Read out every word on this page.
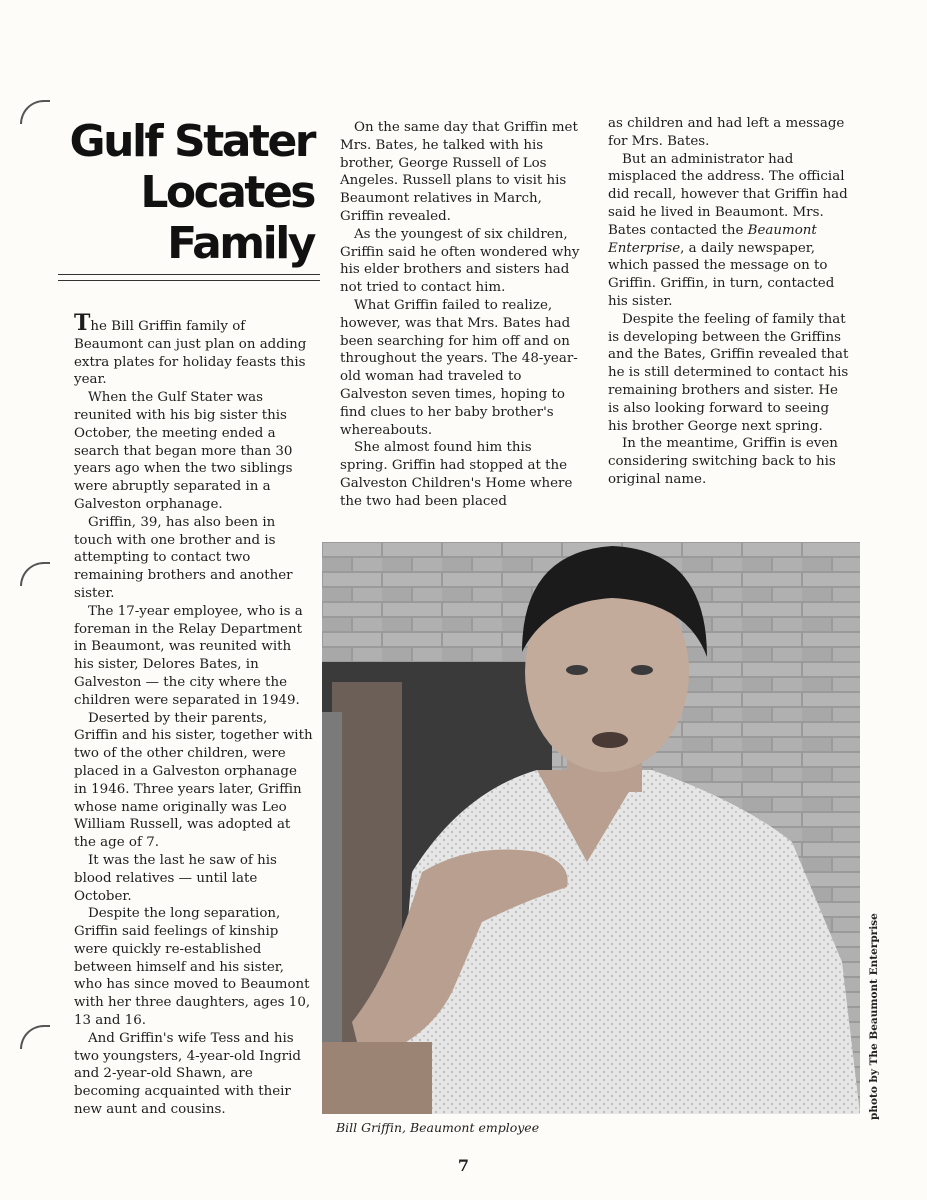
Gulf Stater
Locates
Family

The Bill Griffin family of Beaumont can just plan on adding extra plates for holiday feasts this year.

When the Gulf Stater was reunited with his big sister this October, the meeting ended a search that began more than 30 years ago when the two siblings were abruptly separated in a Galveston orphanage.

Griffin, 39, has also been in touch with one brother and is attempting to contact two remaining brothers and another sister.

The 17-year employee, who is a foreman in the Relay Department in Beaumont, was reunited with his sister, Delores Bates, in Galveston — the city where the children were separated in 1949.

Deserted by their parents, Griffin and his sister, together with two of the other children, were placed in a Galveston orphanage in 1946. Three years later, Griffin whose name originally was Leo William Russell, was adopted at the age of 7.

It was the last he saw of his blood relatives — until late October.

Despite the long separation, Griffin said feelings of kinship were quickly re-established between himself and his sister, who has since moved to Beaumont with her three daughters, ages 10, 13 and 16.

And Griffin's wife Tess and his two youngsters, 4-year-old Ingrid and 2-year-old Shawn, are becoming acquainted with their new aunt and cousins.

On the same day that Griffin met Mrs. Bates, he talked with his brother, George Russell of Los Angeles. Russell plans to visit his Beaumont relatives in March, Griffin revealed.

As the youngest of six children, Griffin said he often wondered why his elder brothers and sisters had not tried to contact him.

What Griffin failed to realize, however, was that Mrs. Bates had been searching for him off and on throughout the years. The 48-year-old woman had traveled to Galveston seven times, hoping to find clues to her baby brother's whereabouts.

She almost found him this spring. Griffin had stopped at the Galveston Children's Home where the two had been placed

as children and had left a message for Mrs. Bates.

But an administrator had misplaced the address. The official did recall, however that Griffin had said he lived in Beaumont. Mrs. Bates contacted the Beaumont Enterprise, a daily newspaper, which passed the message on to Griffin. Griffin, in turn, contacted his sister.

Despite the feeling of family that is developing between the Griffins and the Bates, Griffin revealed that he is still determined to contact his remaining brothers and sister. He is also looking forward to seeing his brother George next spring.

In the meantime, Griffin is even considering switching back to his original name.

Bill Griffin, Beaumont employee
photo by The Beaumont Enterprise
7
